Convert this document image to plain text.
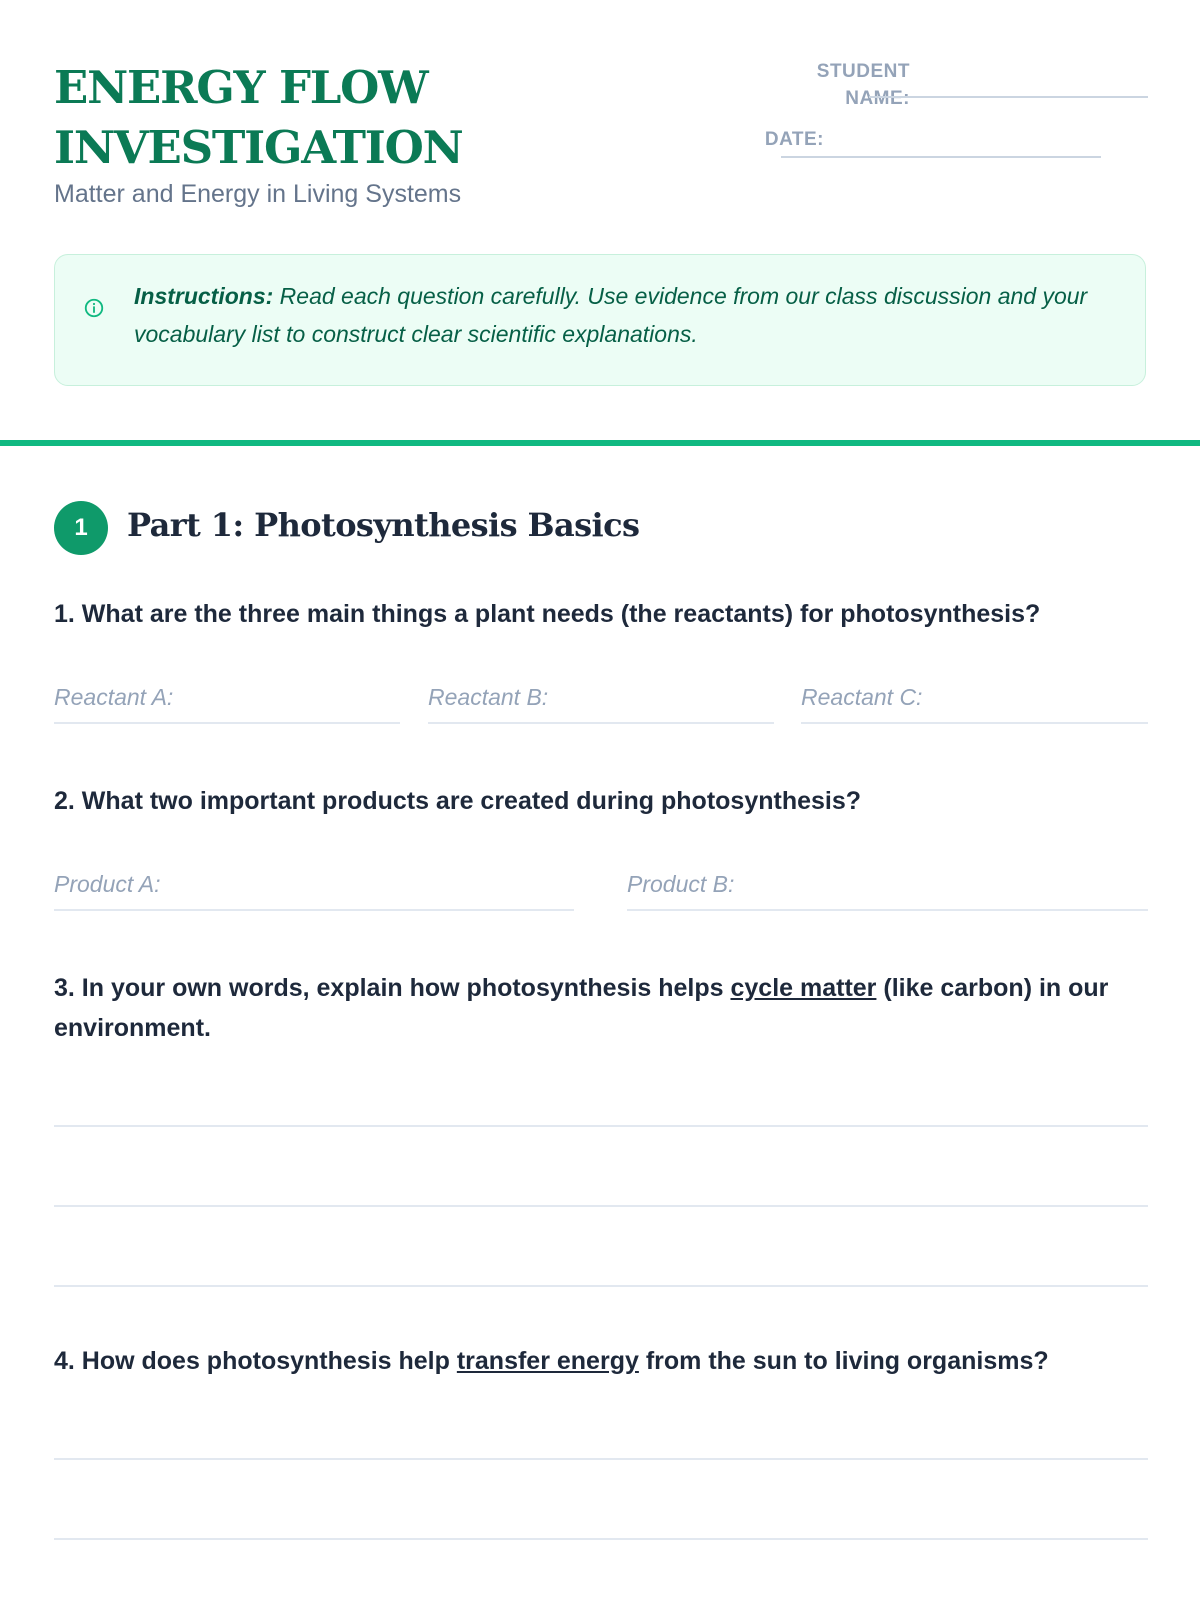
ENERGY FLOW
INVESTIGATION
Matter and Energy in Living Systems
STUDENT
NAME:
DATE:
Instructions: Read each question carefully. Use evidence from our class discussion and your vocabulary list to construct clear scientific explanations.
1	Part 1: Photosynthesis Basics
1. What are the three main things a plant needs (the reactants) for photosynthesis?
Reactant A:	Reactant B:	Reactant C:
2. What two important products are created during photosynthesis?
Product A:	Product B:
3. In your own words, explain how photosynthesis helps cycle matter (like carbon) in our environment.
4. How does photosynthesis help transfer energy from the sun to living organisms?
